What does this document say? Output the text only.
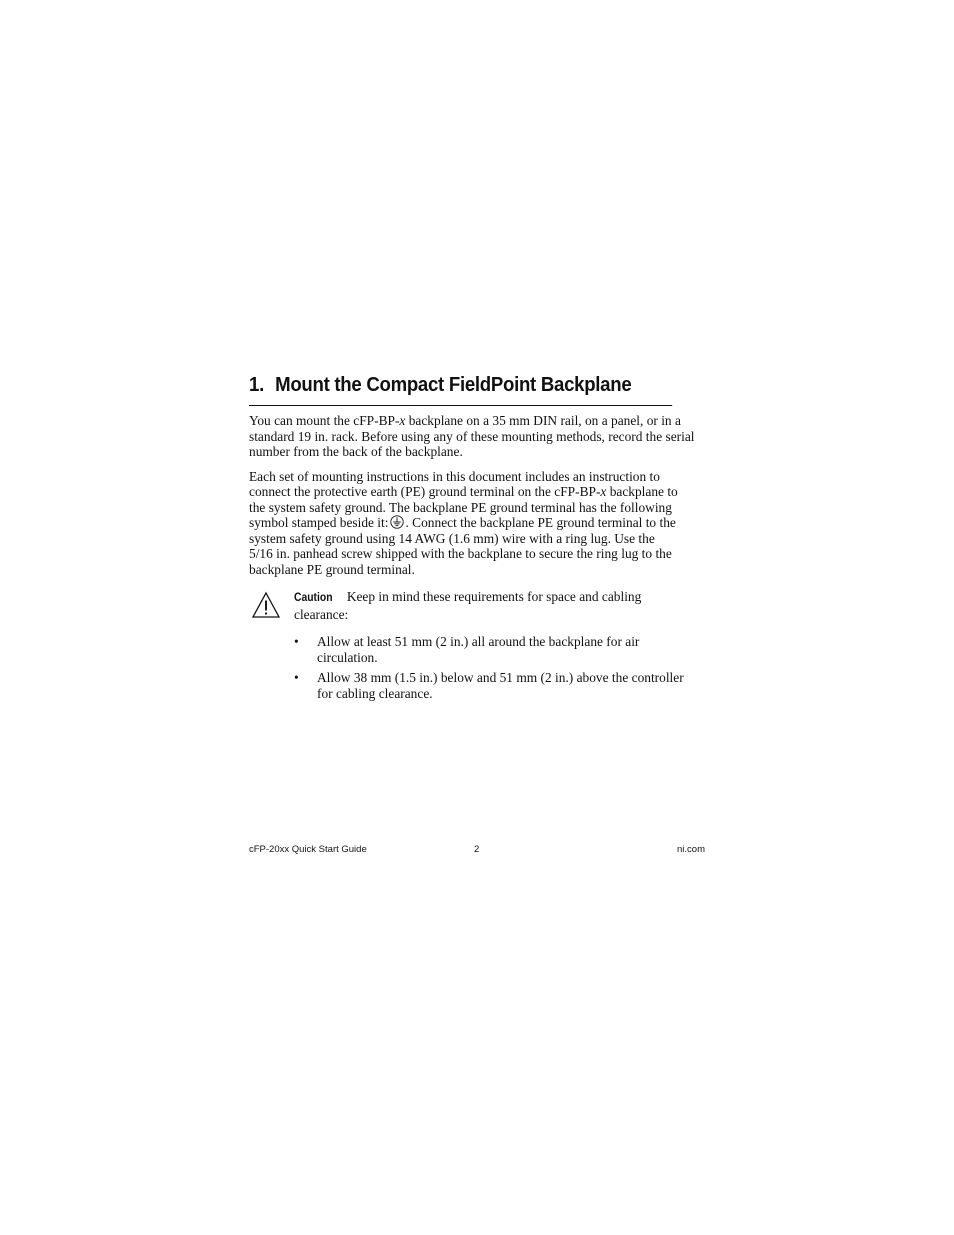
1. Mount the Compact FieldPoint Backplane

You can mount the cFP-BP-x backplane on a 35 mm DIN rail, on a panel, or in a
standard 19 in. rack. Before using any of these mounting methods, record the serial
number from the back of the backplane.

Each set of mounting instructions in this document includes an instruction to
connect the protective earth (PE) ground terminal on the cFP-BP-x backplane to
the system safety ground. The backplane PE ground terminal has the following
symbol stamped beside it: . Connect the backplane PE ground terminal to the
system safety ground using 14 AWG (1.6 mm) wire with a ring lug. Use the
5/16 in. panhead screw shipped with the backplane to secure the ring lug to the
backplane PE ground terminal.

Caution Keep in mind these requirements for space and cabling
clearance:
• Allow at least 51 mm (2 in.) all around the backplane for air
circulation.
• Allow 38 mm (1.5 in.) below and 51 mm (2 in.) above the controller
for cabling clearance.
cFP-20xx Quick Start Guide	2	ni.com
